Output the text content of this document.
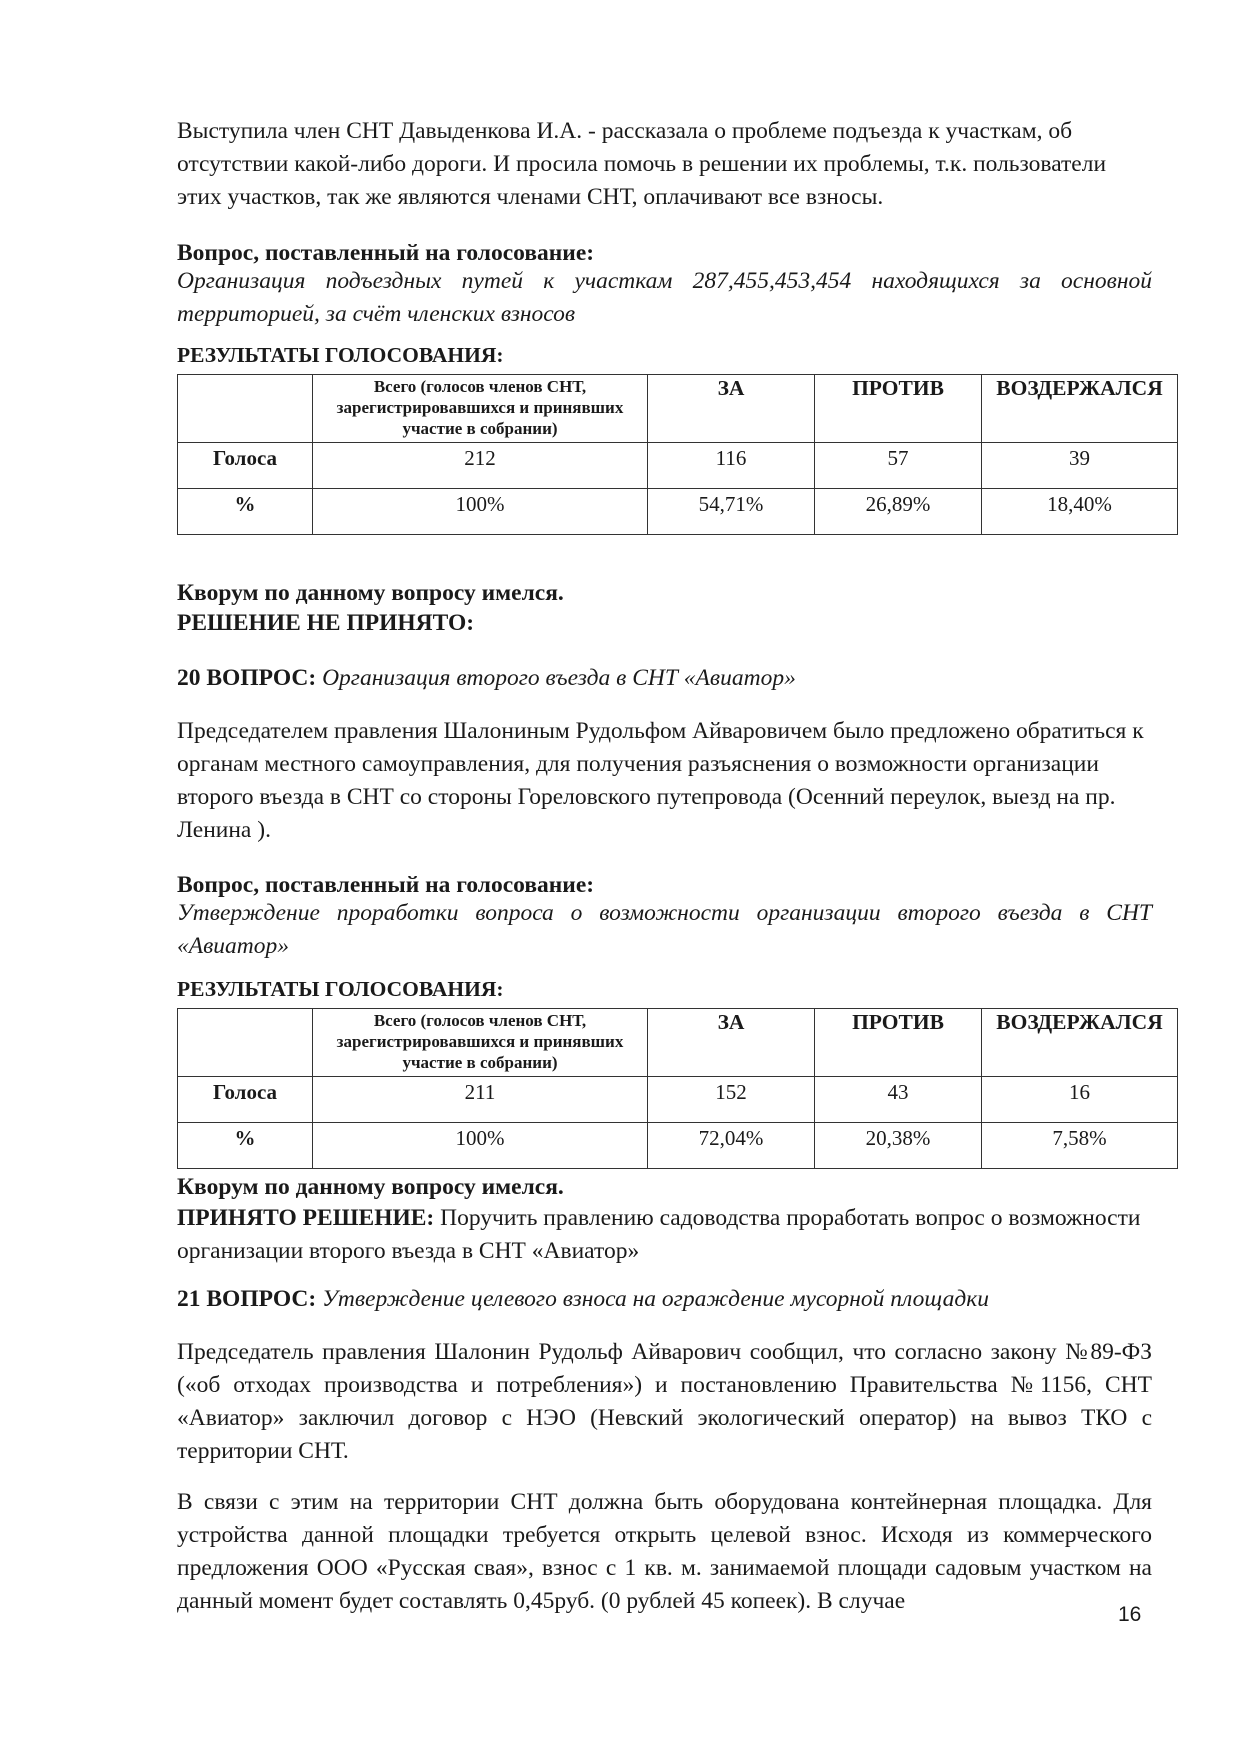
Выступила член СНТ Давыденкова И.А. - рассказала о проблеме подъезда к участкам, об отсутствии какой-либо дороги. И просила помочь в решении их проблемы, т.к. пользователи этих участков, так же являются членами СНТ, оплачивают все взносы.

Вопрос, поставленный на голосование:

Организация подъездных путей к участкам 287,455,453,454 находящихся за основной территорией, за счёт членских взносов

РЕЗУЛЬТАТЫ ГОЛОСОВАНИЯ:

	Всего (голосов членов СНТ, зарегистрировавшихся и принявших участие в собрании)	ЗА	ПРОТИВ	ВОЗДЕРЖАЛСЯ
Голоса	212	116	57	39
%	100%	54,71%	26,89%	18,40%

Кворум по данному вопросу имелся.

РЕШЕНИЕ НЕ ПРИНЯТО:

20 ВОПРОС: Организация второго въезда в СНТ «Авиатор»

Председателем правления Шалониным Рудольфом Айваровичем было предложено обратиться к органам местного самоуправления, для получения разъяснения о возможности организации второго въезда в СНТ со стороны Гореловского путепровода (Осенний переулок, выезд на пр. Ленина ).

Вопрос, поставленный на голосование:

Утверждение проработки вопроса о возможности организации второго въезда в СНТ «Авиатор»

РЕЗУЛЬТАТЫ ГОЛОСОВАНИЯ:

	Всего (голосов членов СНТ, зарегистрировавшихся и принявших участие в собрании)	ЗА	ПРОТИВ	ВОЗДЕРЖАЛСЯ
Голоса	211	152	43	16
%	100%	72,04%	20,38%	7,58%

Кворум по данному вопросу имелся.

ПРИНЯТО РЕШЕНИЕ: Поручить правлению садоводства проработать вопрос о возможности организации второго въезда в СНТ «Авиатор»

21 ВОПРОС: Утверждение целевого взноса на ограждение мусорной площадки

Председатель правления Шалонин Рудольф Айварович сообщил, что согласно закону №89-ФЗ («об отходах производства и потребления») и постановлению Правительства №1156, СНТ «Авиатор» заключил договор с НЭО (Невский экологический оператор) на вывоз ТКО с территории СНТ.

В связи с этим на территории СНТ должна быть оборудована контейнерная площадка. Для устройства данной площадки требуется открыть целевой взнос. Исходя из коммерческого предложения ООО «Русская свая», взнос с 1 кв. м. занимаемой площади садовым участком на данный момент будет составлять 0,45руб. (0 рублей 45 копеек). В случае

16
